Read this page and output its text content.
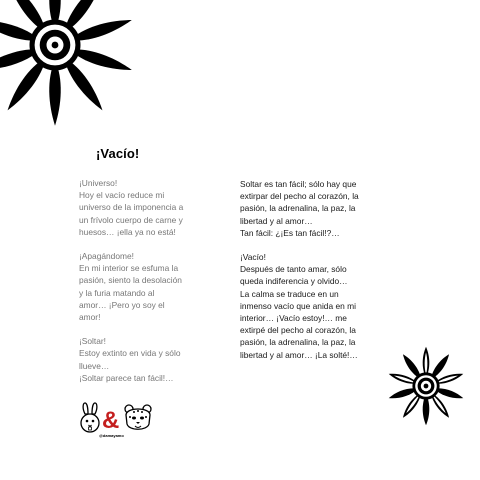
¡Vacío!

¡Universo!
Hoy el vacío reduce mi
universo de la imponencia a
un frívolo cuerpo de carne y
huesos… ¡ella ya no está!

¡Apagándome!
En mi interior se esfuma la
pasión, siento la desolación
y la furia matando al
amor… ¡Pero yo soy el
amor!

¡Soltar!
Estoy extinto en vida y sólo
llueve…
¡Soltar parece tan fácil!…

Soltar es tan fácil; sólo hay que
extirpar del pecho al corazón, la
pasión, la adrenalina, la paz, la
libertad y al amor…
Tan fácil: ¿¡Es tan fácil!?…

¡Vacío!
Después de tanto amar, sólo
queda indiferencia y olvido…
La calma se traduce en un
inmenso vacío que anida en mi
interior… ¡Vacío estoy!… me
extirpé del pecho al corazón, la
pasión, la adrenalina, la paz, la
libertad y al amor… ¡La solté!…

&
@damayamo
